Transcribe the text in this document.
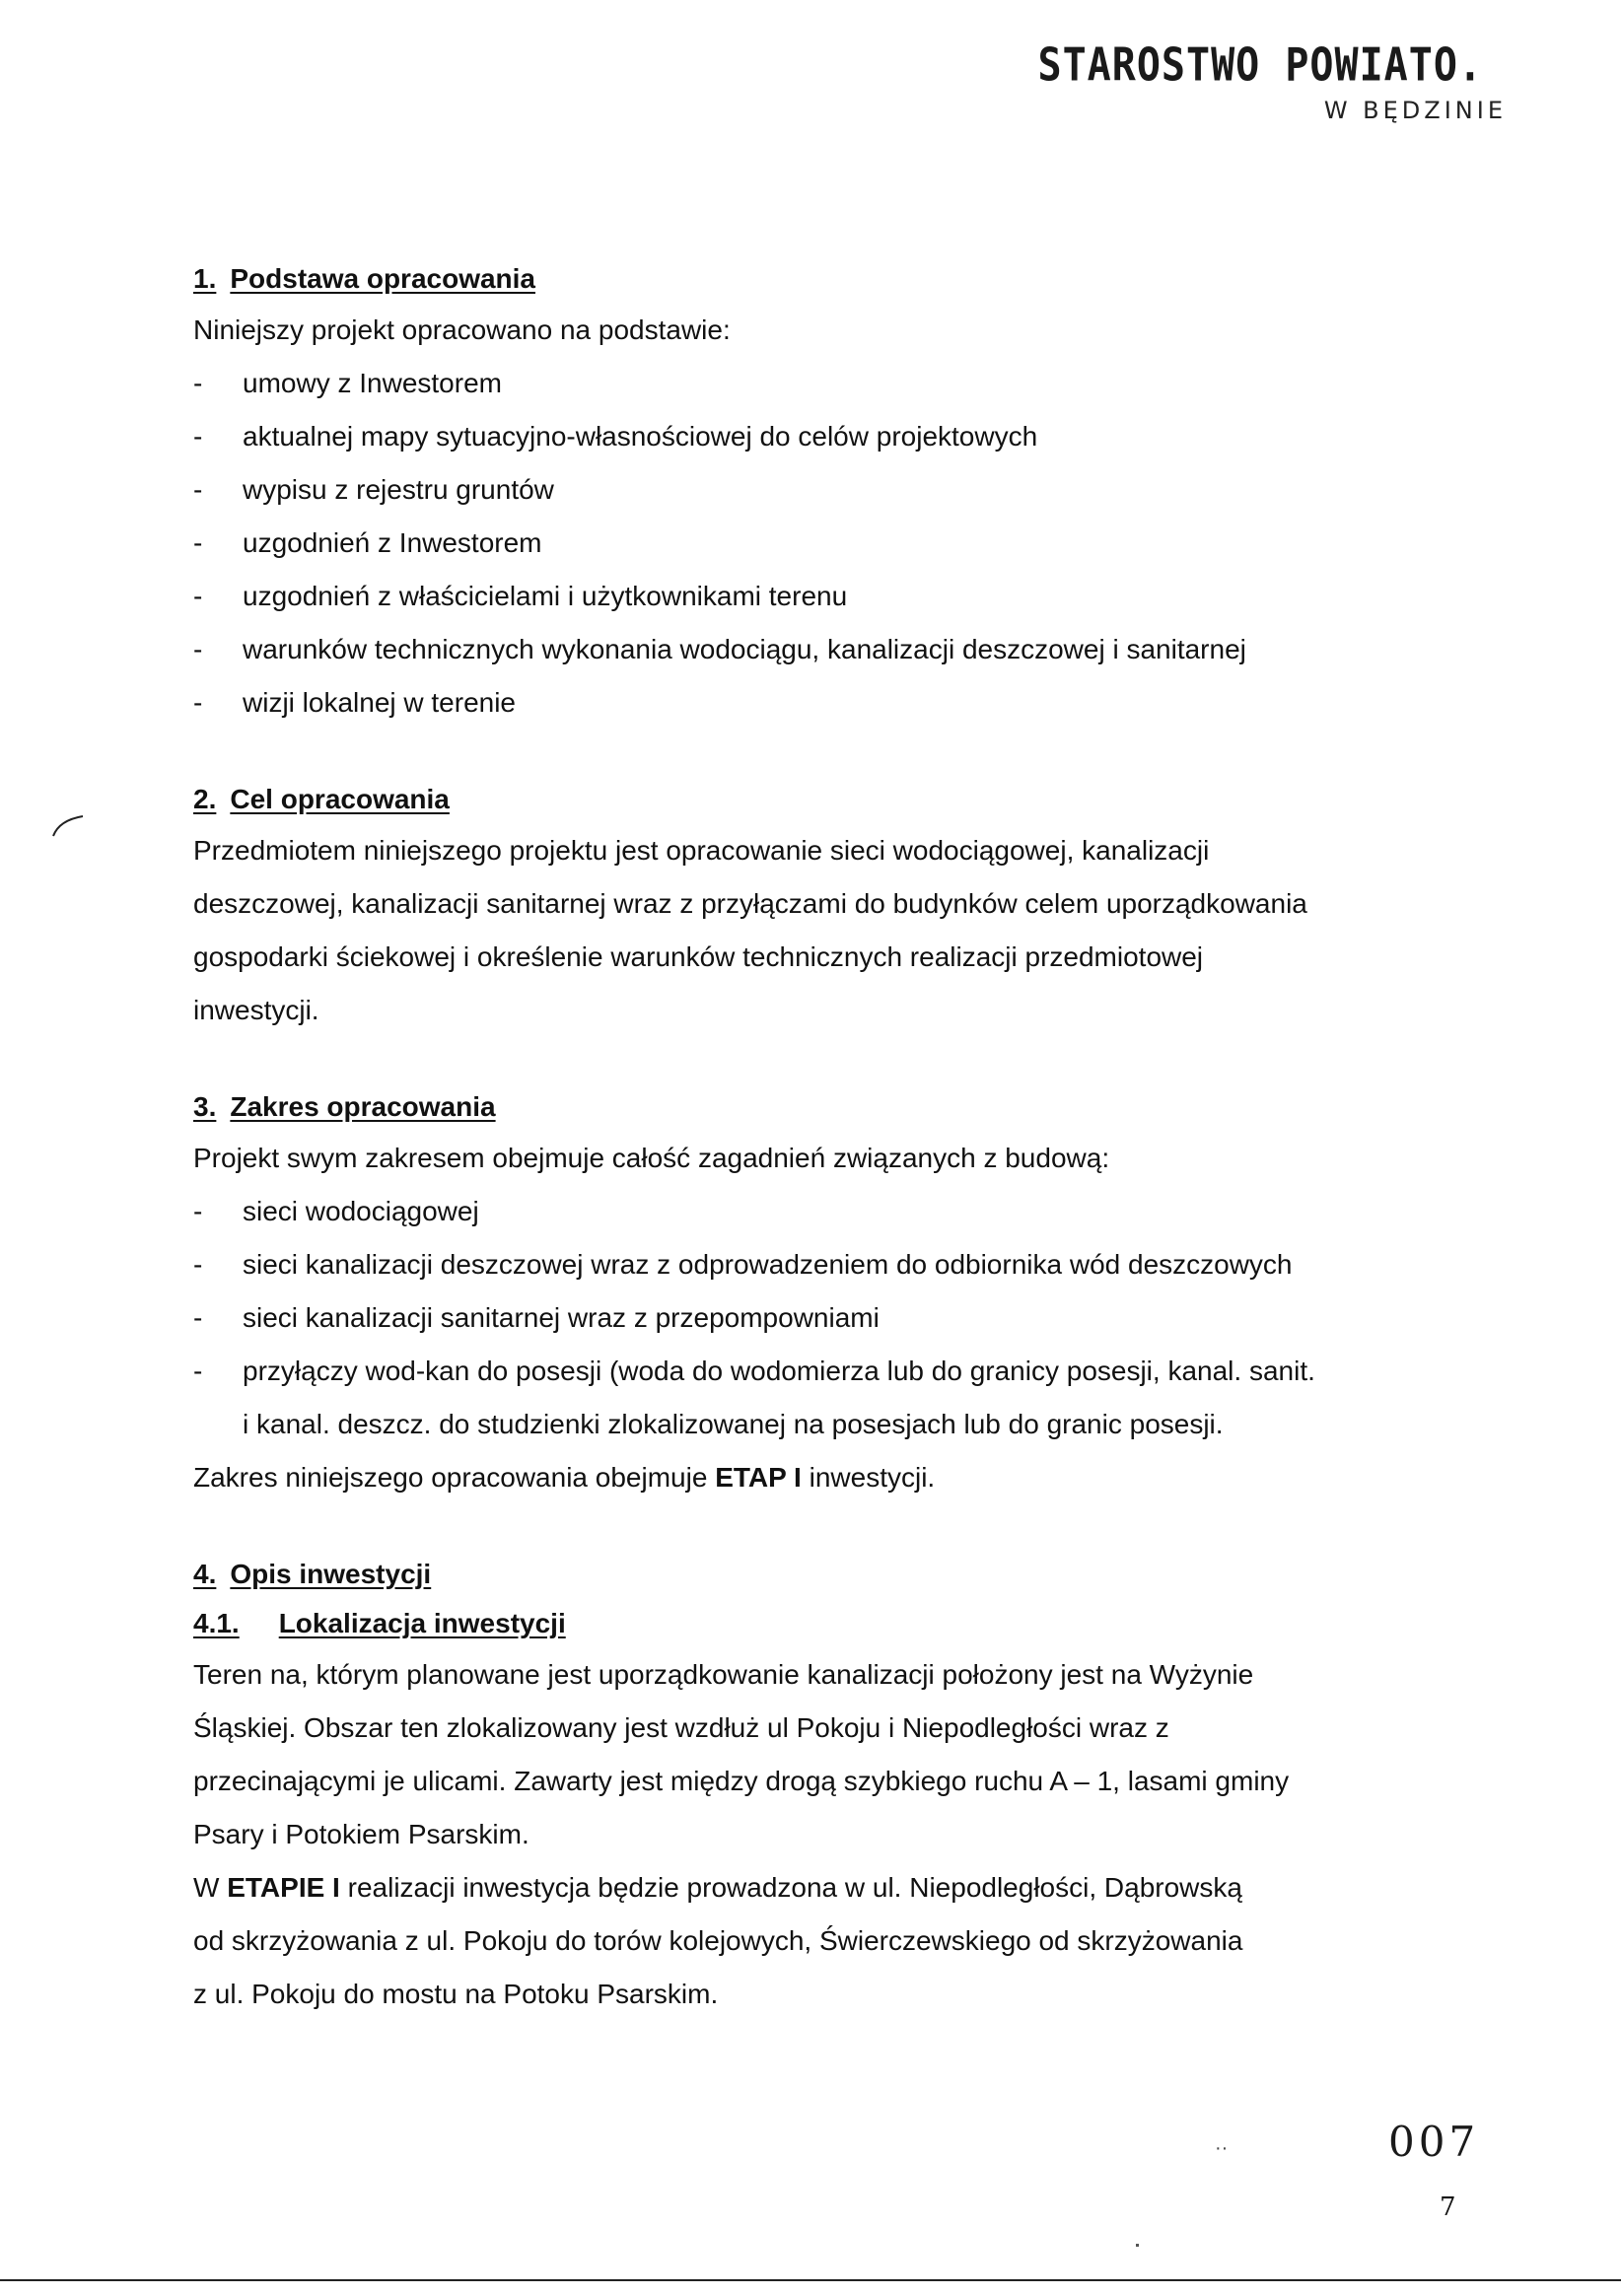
STAROSTWO POWIATO.
W BĘDZINIE
1. Podstawa opracowania

Niniejszy projekt opracowano na podstawie:

- umowy z Inwestorem
- aktualnej mapy sytuacyjno-własnościowej do celów projektowych
- wypisu z rejestru gruntów
- uzgodnień z Inwestorem
- uzgodnień z właścicielami i użytkownikami terenu
- warunków technicznych wykonania wodociągu, kanalizacji deszczowej i sanitarnej
- wizji lokalnej w terenie
2. Cel opracowania

Przedmiotem niniejszego projektu jest opracowanie sieci wodociągowej, kanalizacji

deszczowej, kanalizacji sanitarnej wraz z przyłączami do budynków celem uporządkowania

gospodarki ściekowej i określenie warunków technicznych realizacji przedmiotowej

inwestycji.

3. Zakres opracowania

Projekt swym zakresem obejmuje całość zagadnień związanych z budową:

- sieci wodociągowej
- sieci kanalizacji deszczowej wraz z odprowadzeniem do odbiornika wód deszczowych
- sieci kanalizacji sanitarnej wraz z przepompowniami
- przyłączy wod-kan do posesji (woda do wodomierza lub do granicy posesji, kanal. sanit.
i kanal. deszcz. do studzienki zlokalizowanej na posesjach lub do granic posesji.

Zakres niniejszego opracowania obejmuje ETAP I inwestycji.

4. Opis inwestycji
4.1. Lokalizacja inwestycji

Teren na, którym planowane jest uporządkowanie kanalizacji położony jest na Wyżynie

Śląskiej. Obszar ten zlokalizowany jest wzdłuż ul Pokoju i Niepodległości wraz z

przecinającymi je ulicami. Zawarty jest między drogą szybkiego ruchu A – 1, lasami gminy

Psary i Potokiem Psarskim.

W ETAPIE I realizacji inwestycja będzie prowadzona w ul. Niepodległości, Dąbrowską

od skrzyżowania z ul. Pokoju do torów kolejowych, Świerczewskiego od skrzyżowania

z ul. Pokoju do mostu na Potoku Psarskim.

··	007
7
